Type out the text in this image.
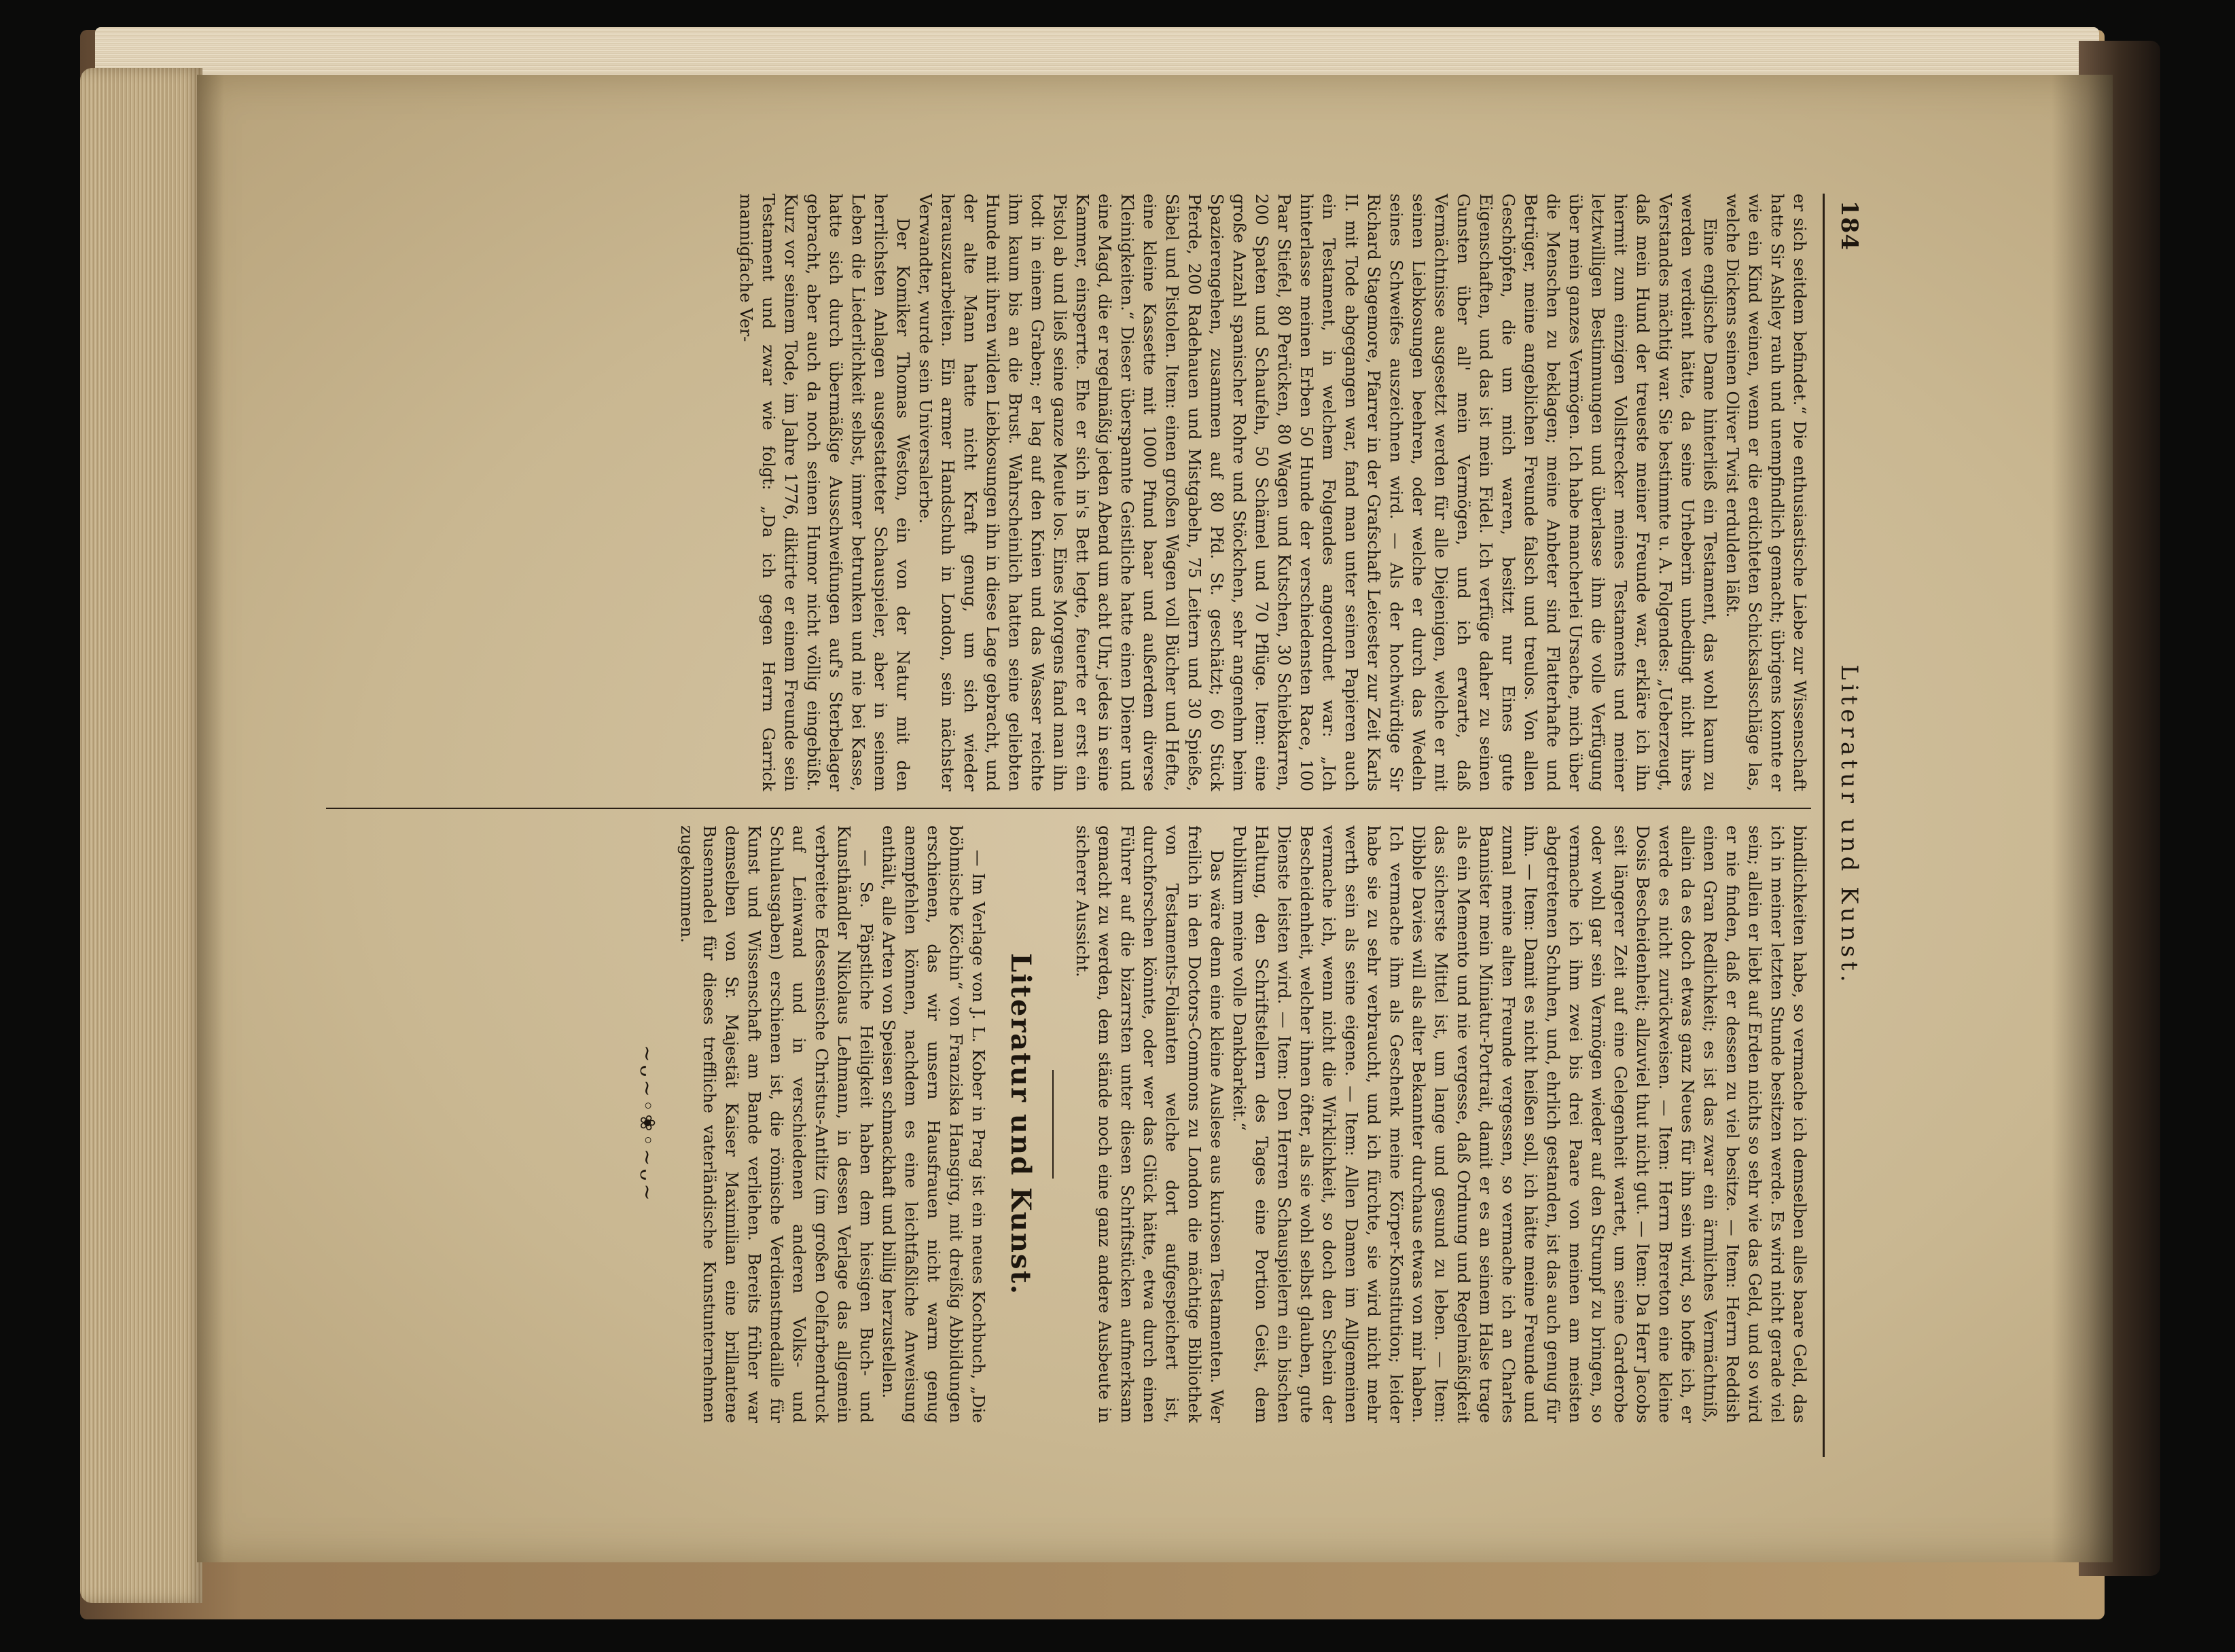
184
Literatur und Kunst.

er sich seitdem befindet.“ Die enthusiastische Liebe zur Wissenschaft hatte Sir Ashley rauh und unempfindlich gemacht; übrigens konnte er wie ein Kind weinen, wenn er die erdichteten Schicksalsschläge las, welche Dickens seinen Oliver Twist erdulden läßt.

Eine englische Dame hinterließ ein Testament, das wohl kaum zu werden verdient hätte, da seine Urheberin unbedingt nicht ihres Verstandes mächtig war. Sie bestimmte u. A. Folgendes: „Ueberzeugt, daß mein Hund der treueste meiner Freunde war, erkläre ich ihn hiermit zum einzigen Vollstrecker meines Testaments und meiner letztwilligen Bestimmungen und überlasse ihm die volle Verfügung über mein ganzes Vermögen. Ich habe mancherlei Ursache, mich über die Menschen zu beklagen; meine Anbeter sind Flatterhafte und Betrüger, meine angeblichen Freunde falsch und treulos. Von allen Geschöpfen, die um mich waren, besitzt nur Eines gute Eigenschaften, und das ist mein Fidel. Ich verfüge daher zu seinen Gunsten über all' mein Vermögen, und ich erwarte, daß Vermächtnisse ausgesetzt werden für alle Diejenigen, welche er mit seinen Liebkosungen beehren, oder welche er durch das Wedeln seines Schweifes auszeichnen wird. — Als der hochwürdige Sir Richard Stagemore, Pfarrer in der Grafschaft Leicester zur Zeit Karls II. mit Tode abgegangen war, fand man unter seinen Papieren auch ein Testament, in welchem Folgendes angeordnet war: „Ich hinterlasse meinen Erben 50 Hunde der verschiedensten Race, 100 Paar Stiefel, 80 Perücken, 80 Wagen und Kutschen, 30 Schiebkarren, 200 Spaten und Schaufeln, 50 Schämel und 70 Pflüge. Item: eine große Anzahl spanischer Rohre und Stöckchen, sehr angenehm beim Spazierengehen, zusammen auf 80 Pfd. St. geschätzt; 60 Stück Pferde, 200 Radehauen und Mistgabeln, 75 Leitern und 30 Spieße, Säbel und Pistolen. Item: einen großen Wagen voll Bücher und Hefte, eine kleine Kassette mit 1000 Pfund baar und außerdem diverse Kleinigkeiten.“ Dieser überspannte Geistliche hatte einen Diener und eine Magd, die er regelmäßig jeden Abend um acht Uhr, jedes in seine Kammer, einsperrte. Ehe er sich in's Bett legte, feuerte er erst ein Pistol ab und ließ seine ganze Meute los. Eines Morgens fand man ihn todt in einem Graben; er lag auf den Knien und das Wasser reichte ihm kaum bis an die Brust. Wahrscheinlich hatten seine geliebten Hunde mit ihren wilden Liebkosungen ihn in diese Lage gebracht, und der alte Mann hatte nicht Kraft genug, um sich wieder herauszuarbeiten. Ein armer Handschuh in London, sein nächster Verwandter, wurde sein Universalerbe.

Der Komiker Thomas Weston, ein von der Natur mit den herrlichsten Anlagen ausgestatteter Schauspieler, aber in seinem Leben die Liederlichkeit selbst, immer betrunken und nie bei Kasse, hatte sich durch übermäßige Ausschweifungen auf's Sterbelager gebracht, aber auch da noch seinen Humor nicht völlig eingebüßt. Kurz vor seinem Tode, im Jahre 1776, diktirte er einem Freunde sein Testament und zwar wie folgt: „Da ich gegen Herrn Garrick mannigfache Ver-

bindlichkeiten habe, so vermache ich demselben alles baare Geld, das ich in meiner letzten Stunde besitzen werde. Es wird nicht gerade viel sein; allein er liebt auf Erden nichts so sehr wie das Geld, und so wird er nie finden, daß er dessen zu viel besitze. — Item: Herrn Reddish einen Gran Redlichkeit; es ist das zwar ein ärmliches Vermächtniß, allein da es doch etwas ganz Neues für ihn sein wird, so hoffe ich, er werde es nicht zurückweisen. — Item: Herrn Brereton eine kleine Dosis Bescheidenheit; allzuviel thut nicht gut. — Item: Da Herr Jacobs seit längerer Zeit auf eine Gelegenheit wartet, um seine Garderobe oder wohl gar sein Vermögen wieder auf den Strumpf zu bringen, so vermache ich ihm zwei bis drei Paare von meinen am meisten abgetretenen Schuhen, und, ehrlich gestanden, ist das auch genug für ihn. — Item: Damit es nicht heißen soll, ich hätte meine Freunde und zumal meine alten Freunde vergessen, so vermache ich an Charles Bannister mein Miniatur-Portrait, damit er es an seinem Halse trage als ein Memento und nie vergesse, daß Ordnung und Regelmäßigkeit das sicherste Mittel ist, um lange und gesund zu leben. — Item: Dibble Davies will als alter Bekannter durchaus etwas von mir haben. Ich vermache ihm als Geschenk meine Körper-Konstitution; leider habe sie zu sehr verbraucht, und ich fürchte, sie wird nicht mehr werth sein als seine eigene. — Item: Allen Damen im Allgemeinen vermache ich, wenn nicht die Wirklichkeit, so doch den Schein der Bescheidenheit, welcher ihnen öfter, als sie wohl selbst glauben, gute Dienste leisten wird. — Item: Den Herren Schauspielern ein bischen Haltung, den Schriftstellern des Tages eine Portion Geist, dem Publikum meine volle Dankbarkeit.“

Das wäre denn eine kleine Auslese aus kuriosen Testamenten. Wer freilich in den Doctors-Commons zu London die mächtige Bibliothek von Testaments-Folianten welche dort aufgespeichert ist, durchforschen könnte, oder wer das Glück hätte, etwa durch einen Führer auf die bizarrsten unter diesen Schriftstücken aufmerksam gemacht zu werden, dem stände noch eine ganz andere Ausbeute in sicherer Aussicht.

Literatur und Kunst.

— Im Verlage von J. L. Kober in Prag ist ein neues Kochbuch, „Die böhmische Köchin“ von Franziska Hansgirg, mit dreißig Abbildungen erschienen, das wir unsern Hausfrauen nicht warm genug anempfehlen können, nachdem es eine leichtfaßliche Anweisung enthält, alle Arten von Speisen schmackhaft und billig herzustellen.

— Se. Päpstliche Heiligkeit haben dem hiesigen Buch- und Kunsthändler Nikolaus Lehmann, in dessen Verlage das allgemein verbreitete Edessenische Christus-Antlitz (im großen Oelfarbendruck auf Leinwand und in verschiedenen anderen Volks- und Schulausgaben) erschienen ist, die römische Verdienstmedaille für Kunst und Wissenschaft am Bande verliehen. Bereits früher war demselben von Sr. Majestät Kaiser Maximilian eine brillantene Busennadel für dieses treffliche vaterländische Kunstunternehmen zugekommen.

~ᴗ~◦❀◦~ᴗ~
